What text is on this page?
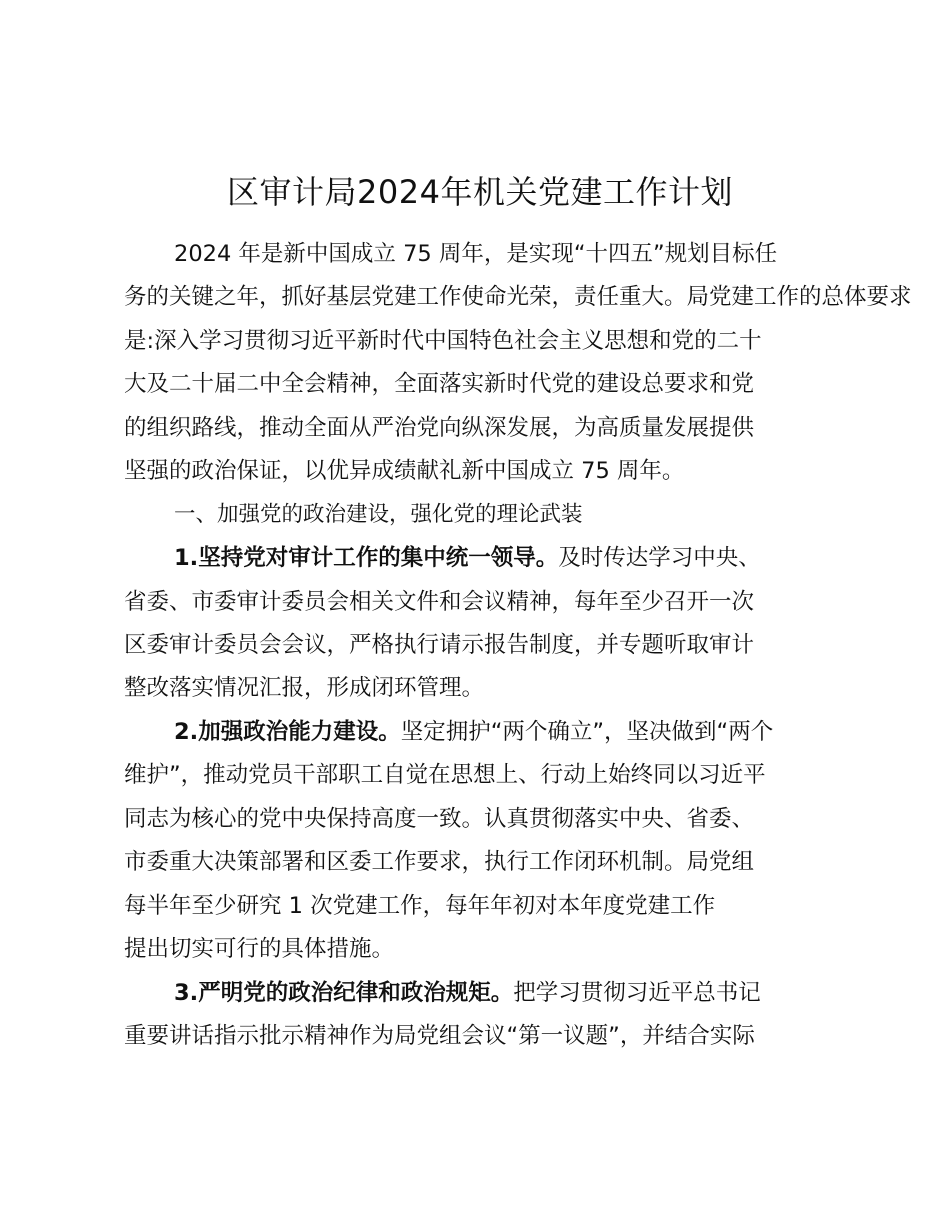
区审计局2024年机关党建工作计划

2024 年是新中国成立 75 周年，是实现“十四五”规划目标任

务的关键之年，抓好基层党建工作使命光荣，责任重大。局党建工作的总体要求

是:深入学习贯彻习近平新时代中国特色社会主义思想和党的二十

大及二十届二中全会精神，全面落实新时代党的建设总要求和党

的组织路线，推动全面从严治党向纵深发展，为高质量发展提供

坚强的政治保证，以优异成绩献礼新中国成立 75 周年。

一、加强党的政治建设，强化党的理论武装

1.坚持党对审计工作的集中统一领导。及时传达学习中央、

省委、市委审计委员会相关文件和会议精神，每年至少召开一次

区委审计委员会会议，严格执行请示报告制度，并专题听取审计

整改落实情况汇报，形成闭环管理。

2.加强政治能力建设。坚定拥护“两个确立”，坚决做到“两个

维护”，推动党员干部职工自觉在思想上、行动上始终同以习近平

同志为核心的党中央保持高度一致。认真贯彻落实中央、省委、

市委重大决策部署和区委工作要求，执行工作闭环机制。局党组

每半年至少研究 1 次党建工作，每年年初对本年度党建工作

提出切实可行的具体措施。

3.严明党的政治纪律和政治规矩。把学习贯彻习近平总书记

重要讲话指示批示精神作为局党组会议“第一议题”，并结合实际
